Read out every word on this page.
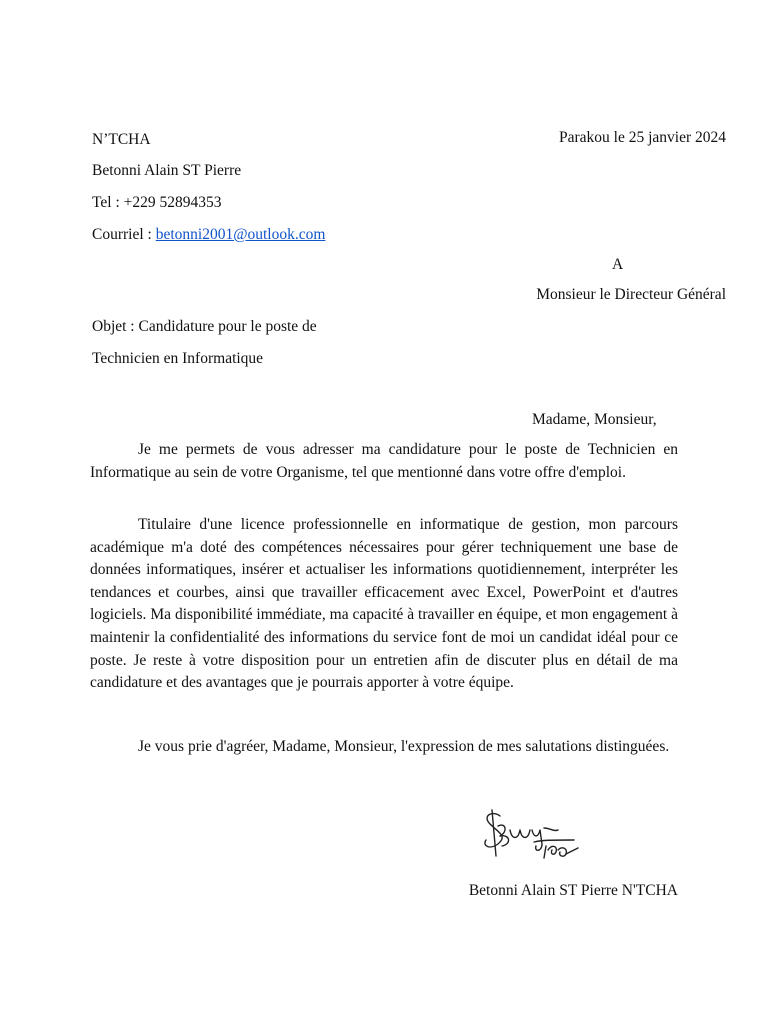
N’TCHA
Betonni Alain ST Pierre
Tel : +229 52894353
Courriel : betonni2001@outlook.com
Parakou le 25 janvier 2024
A
Monsieur le Directeur Général
Objet : Candidature pour le poste de
Technicien en Informatique
Madame, Monsieur,
Je me permets de vous adresser ma candidature pour le poste de Technicien en Informatique au sein de votre Organisme, tel que mentionné dans votre offre d'emploi.
Titulaire d'une licence professionnelle en informatique de gestion, mon parcours académique m'a doté des compétences nécessaires pour gérer techniquement une base de données informatiques, insérer et actualiser les informations quotidiennement, interpréter les tendances et courbes, ainsi que travailler efficacement avec Excel, PowerPoint et d'autres logiciels. Ma disponibilité immédiate, ma capacité à travailler en équipe, et mon engagement à maintenir la confidentialité des informations du service font de moi un candidat idéal pour ce poste. Je reste à votre disposition pour un entretien afin de discuter plus en détail de ma candidature et des avantages que je pourrais apporter à votre équipe.
Je vous prie d'agréer, Madame, Monsieur, l'expression de mes salutations distinguées.
Betonni Alain ST Pierre N'TCHA
